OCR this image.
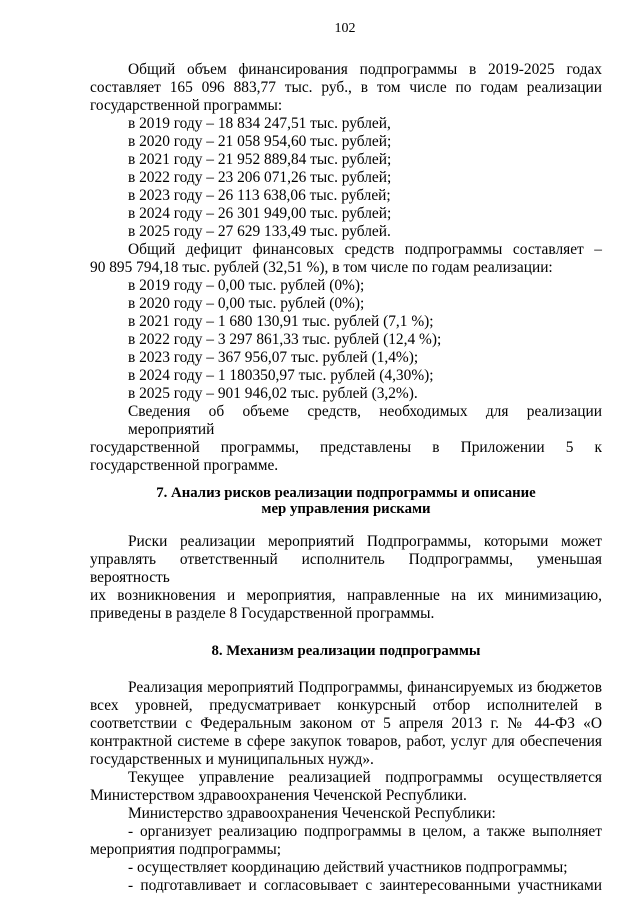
102
Общий объем финансирования подпрограммы в 2019-2025 годах
составляет 165 096 883,77 тыс. руб., в том числе по годам реализации
государственной программы:
в 2019 году – 18 834 247,51 тыс. рублей,
в 2020 году – 21 058 954,60 тыс. рублей;
в 2021 году – 21 952 889,84 тыс. рублей;
в 2022 году – 23 206 071,26 тыс. рублей;
в 2023 году – 26 113 638,06 тыс. рублей;
в 2024 году – 26 301 949,00 тыс. рублей;
в 2025 году – 27 629 133,49 тыс. рублей.
Общий дефицит финансовых средств подпрограммы составляет –
90 895 794,18 тыс. рублей (32,51 %), в том числе по годам реализации:
в 2019 году – 0,00 тыс. рублей (0%);
в 2020 году – 0,00 тыс. рублей (0%);
в 2021 году – 1 680 130,91 тыс. рублей (7,1 %);
в 2022 году – 3 297 861,33 тыс. рублей (12,4 %);
в 2023 году – 367 956,07 тыс. рублей (1,4%);
в 2024 году – 1 180350,97 тыс. рублей (4,30%);
в 2025 году – 901 946,02 тыс. рублей (3,2%).
Сведения об объеме средств, необходимых для реализации мероприятий
государственной программы, представлены в Приложении 5 к
государственной программе.
7. Анализ рисков реализации подпрограммы и описание
мер управления рисками
Риски реализации мероприятий Подпрограммы, которыми может
управлять ответственный исполнитель Подпрограммы, уменьшая вероятность
их возникновения и мероприятия, направленные на их минимизацию,
приведены в разделе 8 Государственной программы.
8. Механизм реализации подпрограммы
Реализация мероприятий Подпрограммы, финансируемых из бюджетов
всех уровней, предусматривает конкурсный отбор исполнителей в
соответствии с Федеральным законом от 5 апреля 2013 г. № 44-ФЗ «О
контрактной системе в сфере закупок товаров, работ, услуг для обеспечения
государственных и муниципальных нужд».
Текущее управление реализацией подпрограммы осуществляется
Министерством здравоохранения Чеченской Республики.
Министерство здравоохранения Чеченской Республики:
- организует реализацию подпрограммы в целом, а также выполняет
мероприятия подпрограммы;
- осуществляет координацию действий участников подпрограммы;
- подготавливает и согласовывает с заинтересованными участниками
